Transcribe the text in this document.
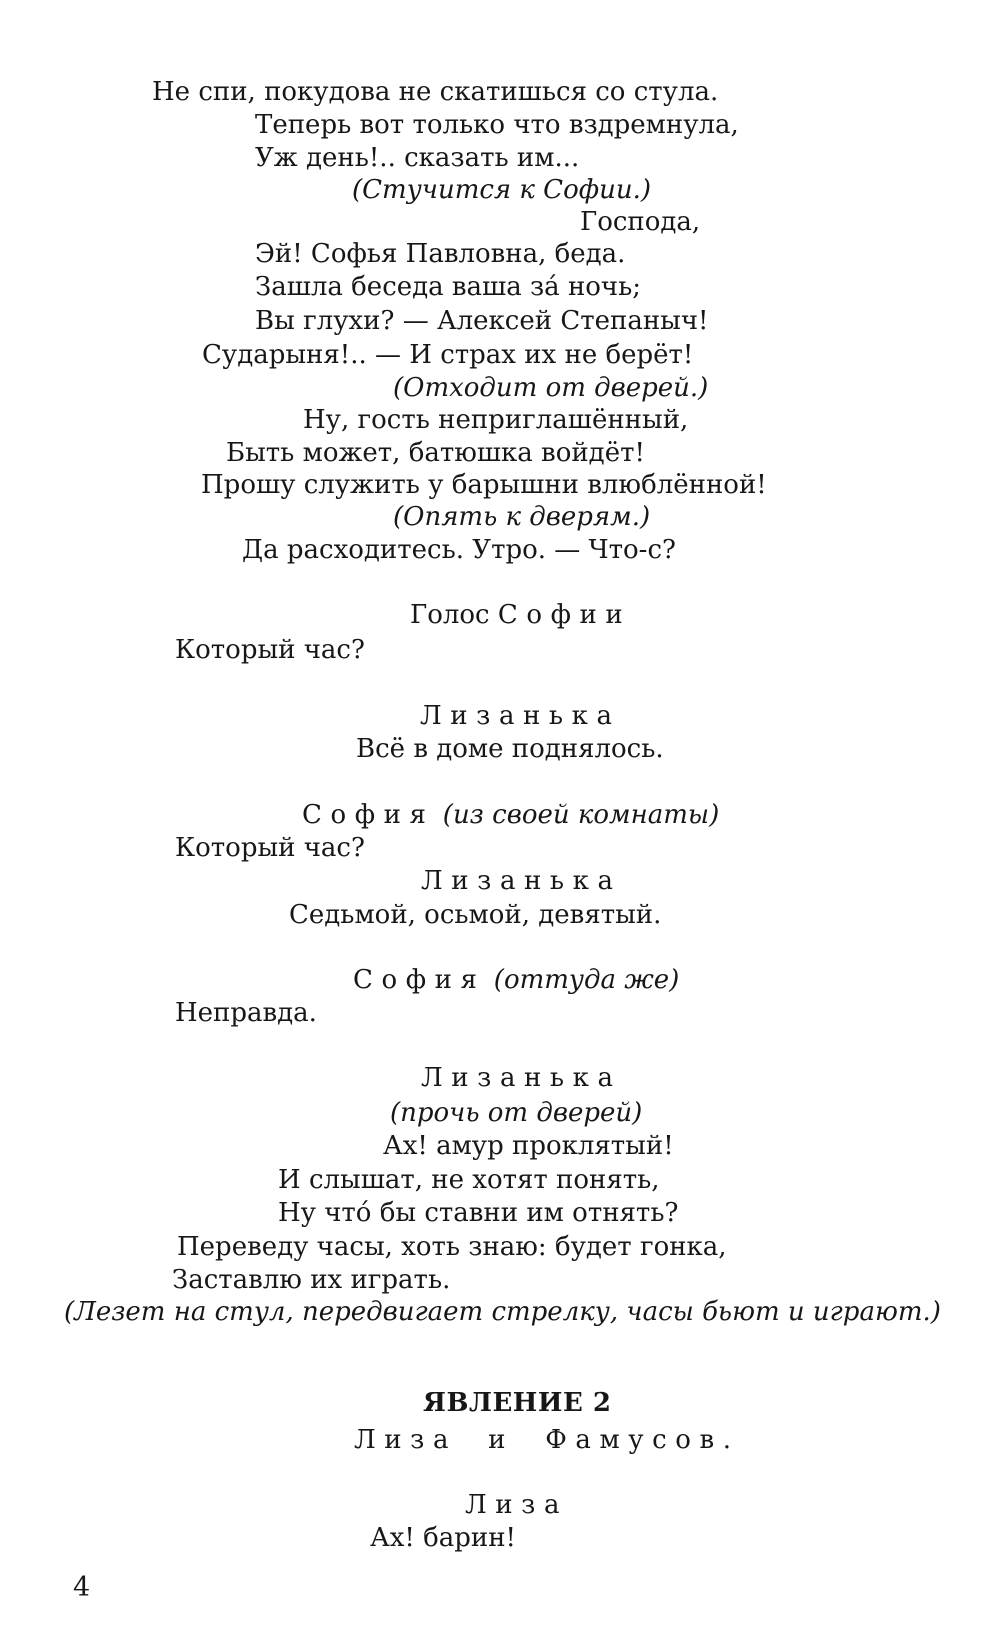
Не спи, покудова не скатишься со стула.
Теперь вот только что вздремнула,
Уж день!.. сказать им...
(Стучится к Софии.)
Господа,
Эй! Софья Павловна, беда.
Зашла беседа ваша за́ ночь;
Вы глухи? — Алексей Степаныч!
Сударыня!.. — И страх их не берёт!
(Отходит от дверей.)
Ну, гость неприглашённый,
Быть может, батюшка войдёт!
Прошу служить у барышни влюблённой!
(Опять к дверям.)
Да расходитесь. Утро. — Что-с?
Голос Софии
Который час?
Лизанька
Всё в доме поднялось.
София (из своей комнаты)
Который час?
Лизанька
Седьмой, осьмой, девятый.
София (оттуда же)
Неправда.
Лизанька
(прочь от дверей)
Ах! амур проклятый!
И слышат, не хотят понять,
Ну что́ бы ставни им отнять?
Переведу часы, хоть знаю: будет гонка,
Заставлю их играть.
(Лезет на стул, передвигает стрелку, часы бьют и играют.)
ЯВЛЕНИЕ 2
Лиза и Фамусов.
Лиза
Ах! барин!
4
